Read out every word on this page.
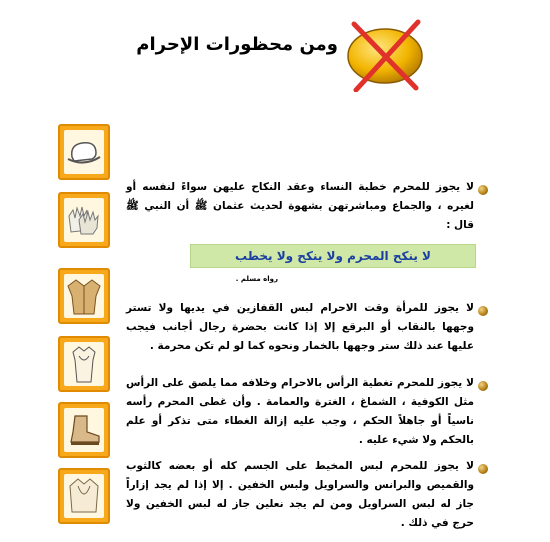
ومن محظورات الإحرام
لا يجوز للمحرم خطبة النساء وعقد النكاح عليهن سواءً لنفسه أو لغيره ، والجماع ومباشرتهن بشهوة لحديث عثمان ﷺ أن النبي ﷺ قال :
لا ينكح المحرم ولا ينكح ولا يخطب
رواه مسلم .
لا يجوز للمرأة وقت الاحرام لبس القفازين في يديها ولا تستر وجهها بالنقاب أو البرقع إلا إذا كانت بحضرة رجال أجانب فيجب عليها عند ذلك ستر وجهها بالخمار ونحوه كما لو لم تكن محرمة .
لا يجوز للمحرم تغطية الرأس بالاحرام وخلافه مما يلصق على الرأس مثل الكوفية ، الشماغ ، الغترة والعمامة . وأن غطى المحرم رأسه ناسياً أو جاهلاً الحكم ، وجب عليه إزالة الغطاء متى تذكر أو علم بالحكم ولا شيء عليه .
لا يجوز للمحرم لبس المخيط على الجسم كله أو بعضه كالثوب والقميص والبرانس والسراويل ولبس الخفين . إلا إذا لم يجد إزاراً جاز له لبس السراويل ومن لم يجد نعلين جاز له لبس الخفين ولا حرج في ذلك .
